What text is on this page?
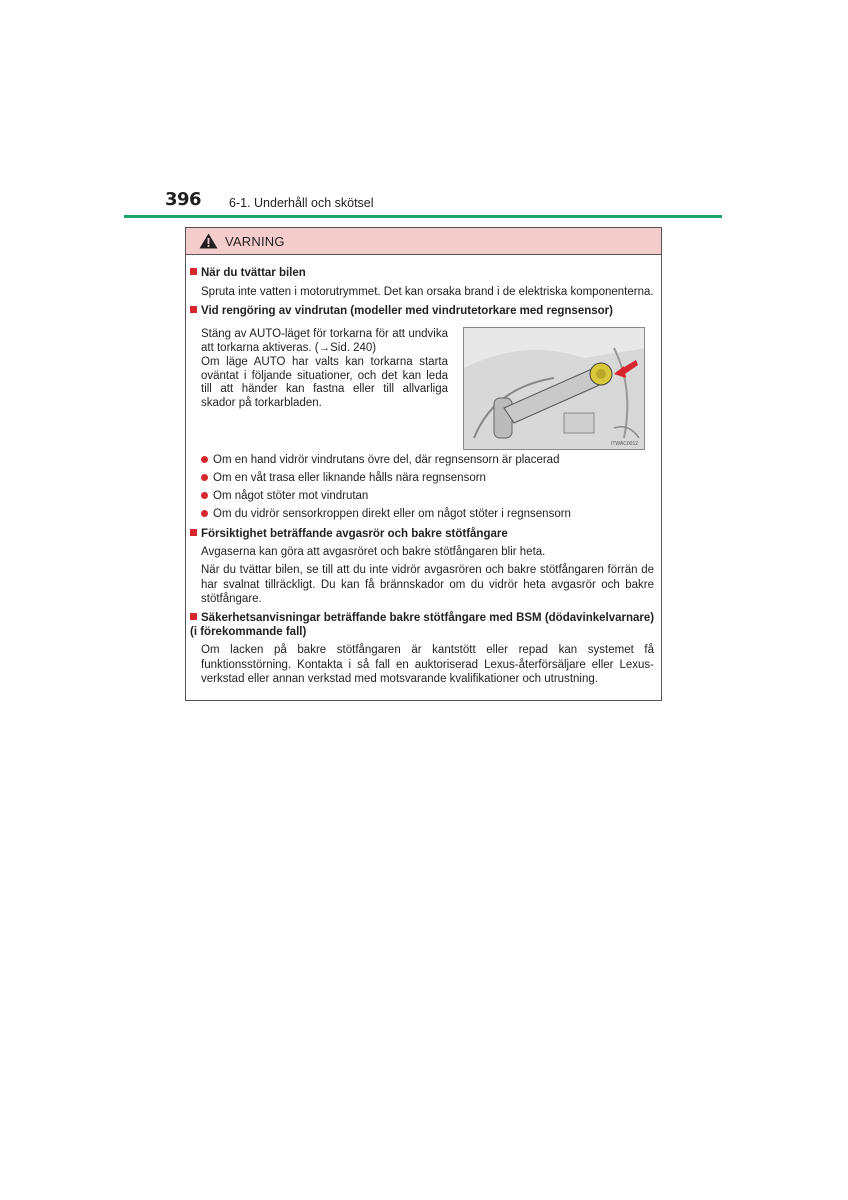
396 6-1. Underhåll och skötsel
VARNING
När du tvättar bilen
Spruta inte vatten i motorutrymmet. Det kan orsaka brand i de elektriska komponenterna.
Vid rengöring av vindrutan (modeller med vindrutetorkare med regnsensor)
Stäng av AUTO-läget för torkarna för att undvika att torkarna aktiveras. (→Sid. 240)
Om läge AUTO har valts kan torkarna starta oväntat i följande situationer, och det kan leda till att händer kan fastna eller till allvarliga skador på torkarbladen.
ITWAC0012
Om en hand vidrör vindrutans övre del, där regnsensorn är placerad
Om en våt trasa eller liknande hålls nära regnsensorn
Om något stöter mot vindrutan
Om du vidrör sensorkroppen direkt eller om något stöter i regnsensorn
Försiktighet beträffande avgasrör och bakre stötfångare
Avgaserna kan göra att avgasröret och bakre stötfångaren blir heta.
När du tvättar bilen, se till att du inte vidrör avgasrören och bakre stötfångaren förrän de har svalnat tillräckligt. Du kan få brännskador om du vidrör heta avgasrör och bakre stötfångare.
Säkerhetsanvisningar beträffande bakre stötfångare med BSM (dödavinkelvarnare) (i förekommande fall)
Om lacken på bakre stötfångaren är kantstött eller repad kan systemet få funktionsstörning. Kontakta i så fall en auktoriserad Lexus-återförsäljare eller Lexus-verkstad eller annan verkstad med motsvarande kvalifikationer och utrustning.
